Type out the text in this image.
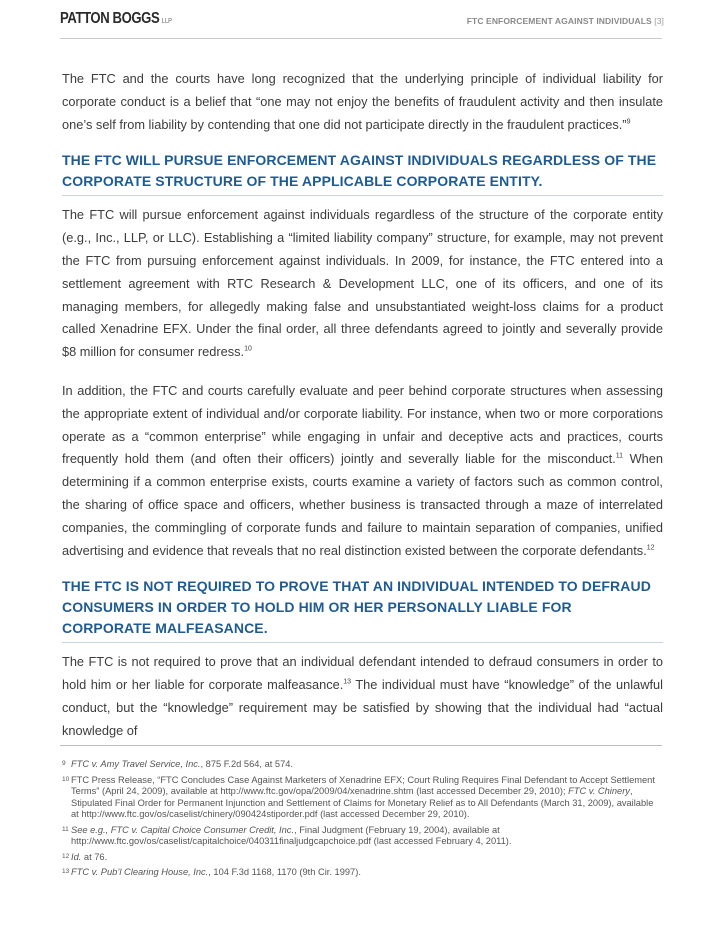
PATTON BOGGS LLP	FTC ENFORCEMENT AGAINST INDIVIDUALS [3]

The FTC and the courts have long recognized that the underlying principle of individual liability for corporate conduct is a belief that “one may not enjoy the benefits of fraudulent activity and then insulate one’s self from liability by contending that one did not participate directly in the fraudulent practices.”$^9$

THE FTC WILL PURSUE ENFORCEMENT AGAINST INDIVIDUALS REGARDLESS OF THE CORPORATE STRUCTURE OF THE APPLICABLE CORPORATE ENTITY.

The FTC will pursue enforcement against individuals regardless of the structure of the corporate entity (e.g., Inc., LLP, or LLC). Establishing a “limited liability company” structure, for example, may not prevent the FTC from pursuing enforcement against individuals. In 2009, for instance, the FTC entered into a settlement agreement with RTC Research & Development LLC, one of its officers, and one of its managing members, for allegedly making false and unsubstantiated weight-loss claims for a product called Xenadrine EFX. Under the final order, all three defendants agreed to jointly and severally provide $8 million for consumer redress.$^{10}$

In addition, the FTC and courts carefully evaluate and peer behind corporate structures when assessing the appropriate extent of individual and/or corporate liability. For instance, when two or more corporations operate as a “common enterprise” while engaging in unfair and deceptive acts and practices, courts frequently hold them (and often their officers) jointly and severally liable for the misconduct.$^{11}$ When determining if a common enterprise exists, courts examine a variety of factors such as common control, the sharing of office space and officers, whether business is transacted through a maze of interrelated companies, the commingling of corporate funds and failure to maintain separation of companies, unified advertising and evidence that reveals that no real distinction existed between the corporate defendants.$^{12}$

THE FTC IS NOT REQUIRED TO PROVE THAT AN INDIVIDUAL INTENDED TO DEFRAUD CONSUMERS IN ORDER TO HOLD HIM OR HER PERSONALLY LIABLE FOR CORPORATE MALFEASANCE.

The FTC is not required to prove that an individual defendant intended to defraud consumers in order to hold him or her liable for corporate malfeasance.$^{13}$ The individual must have “knowledge” of the unlawful conduct, but the “knowledge” requirement may be satisfied by showing that the individual had “actual knowledge of

9 FTC v. Amy Travel Service, Inc., 875 F.2d 564, at 574.
10 FTC Press Release, “FTC Concludes Case Against Marketers of Xenadrine EFX; Court Ruling Requires Final Defendant to Accept Settlement Terms” (April 24, 2009), available at http://www.ftc.gov/opa/2009/04/xenadrine.shtm (last accessed December 29, 2010); FTC v. Chinery, Stipulated Final Order for Permanent Injunction and Settlement of Claims for Monetary Relief as to All Defendants (March 31, 2009), available at http://www.ftc.gov/os/caselist/chinery/090424stiporder.pdf (last accessed December 29, 2010).
11 See e.g., FTC v. Capital Choice Consumer Credit, Inc., Final Judgment (February 19, 2004), available at http://www.ftc.gov/os/caselist/capitalchoice/040311finaljudgcapchoice.pdf (last accessed February 4, 2011).
12 Id. at 76.
13 FTC v. Pub’l Clearing House, Inc., 104 F.3d 1168, 1170 (9th Cir. 1997).
